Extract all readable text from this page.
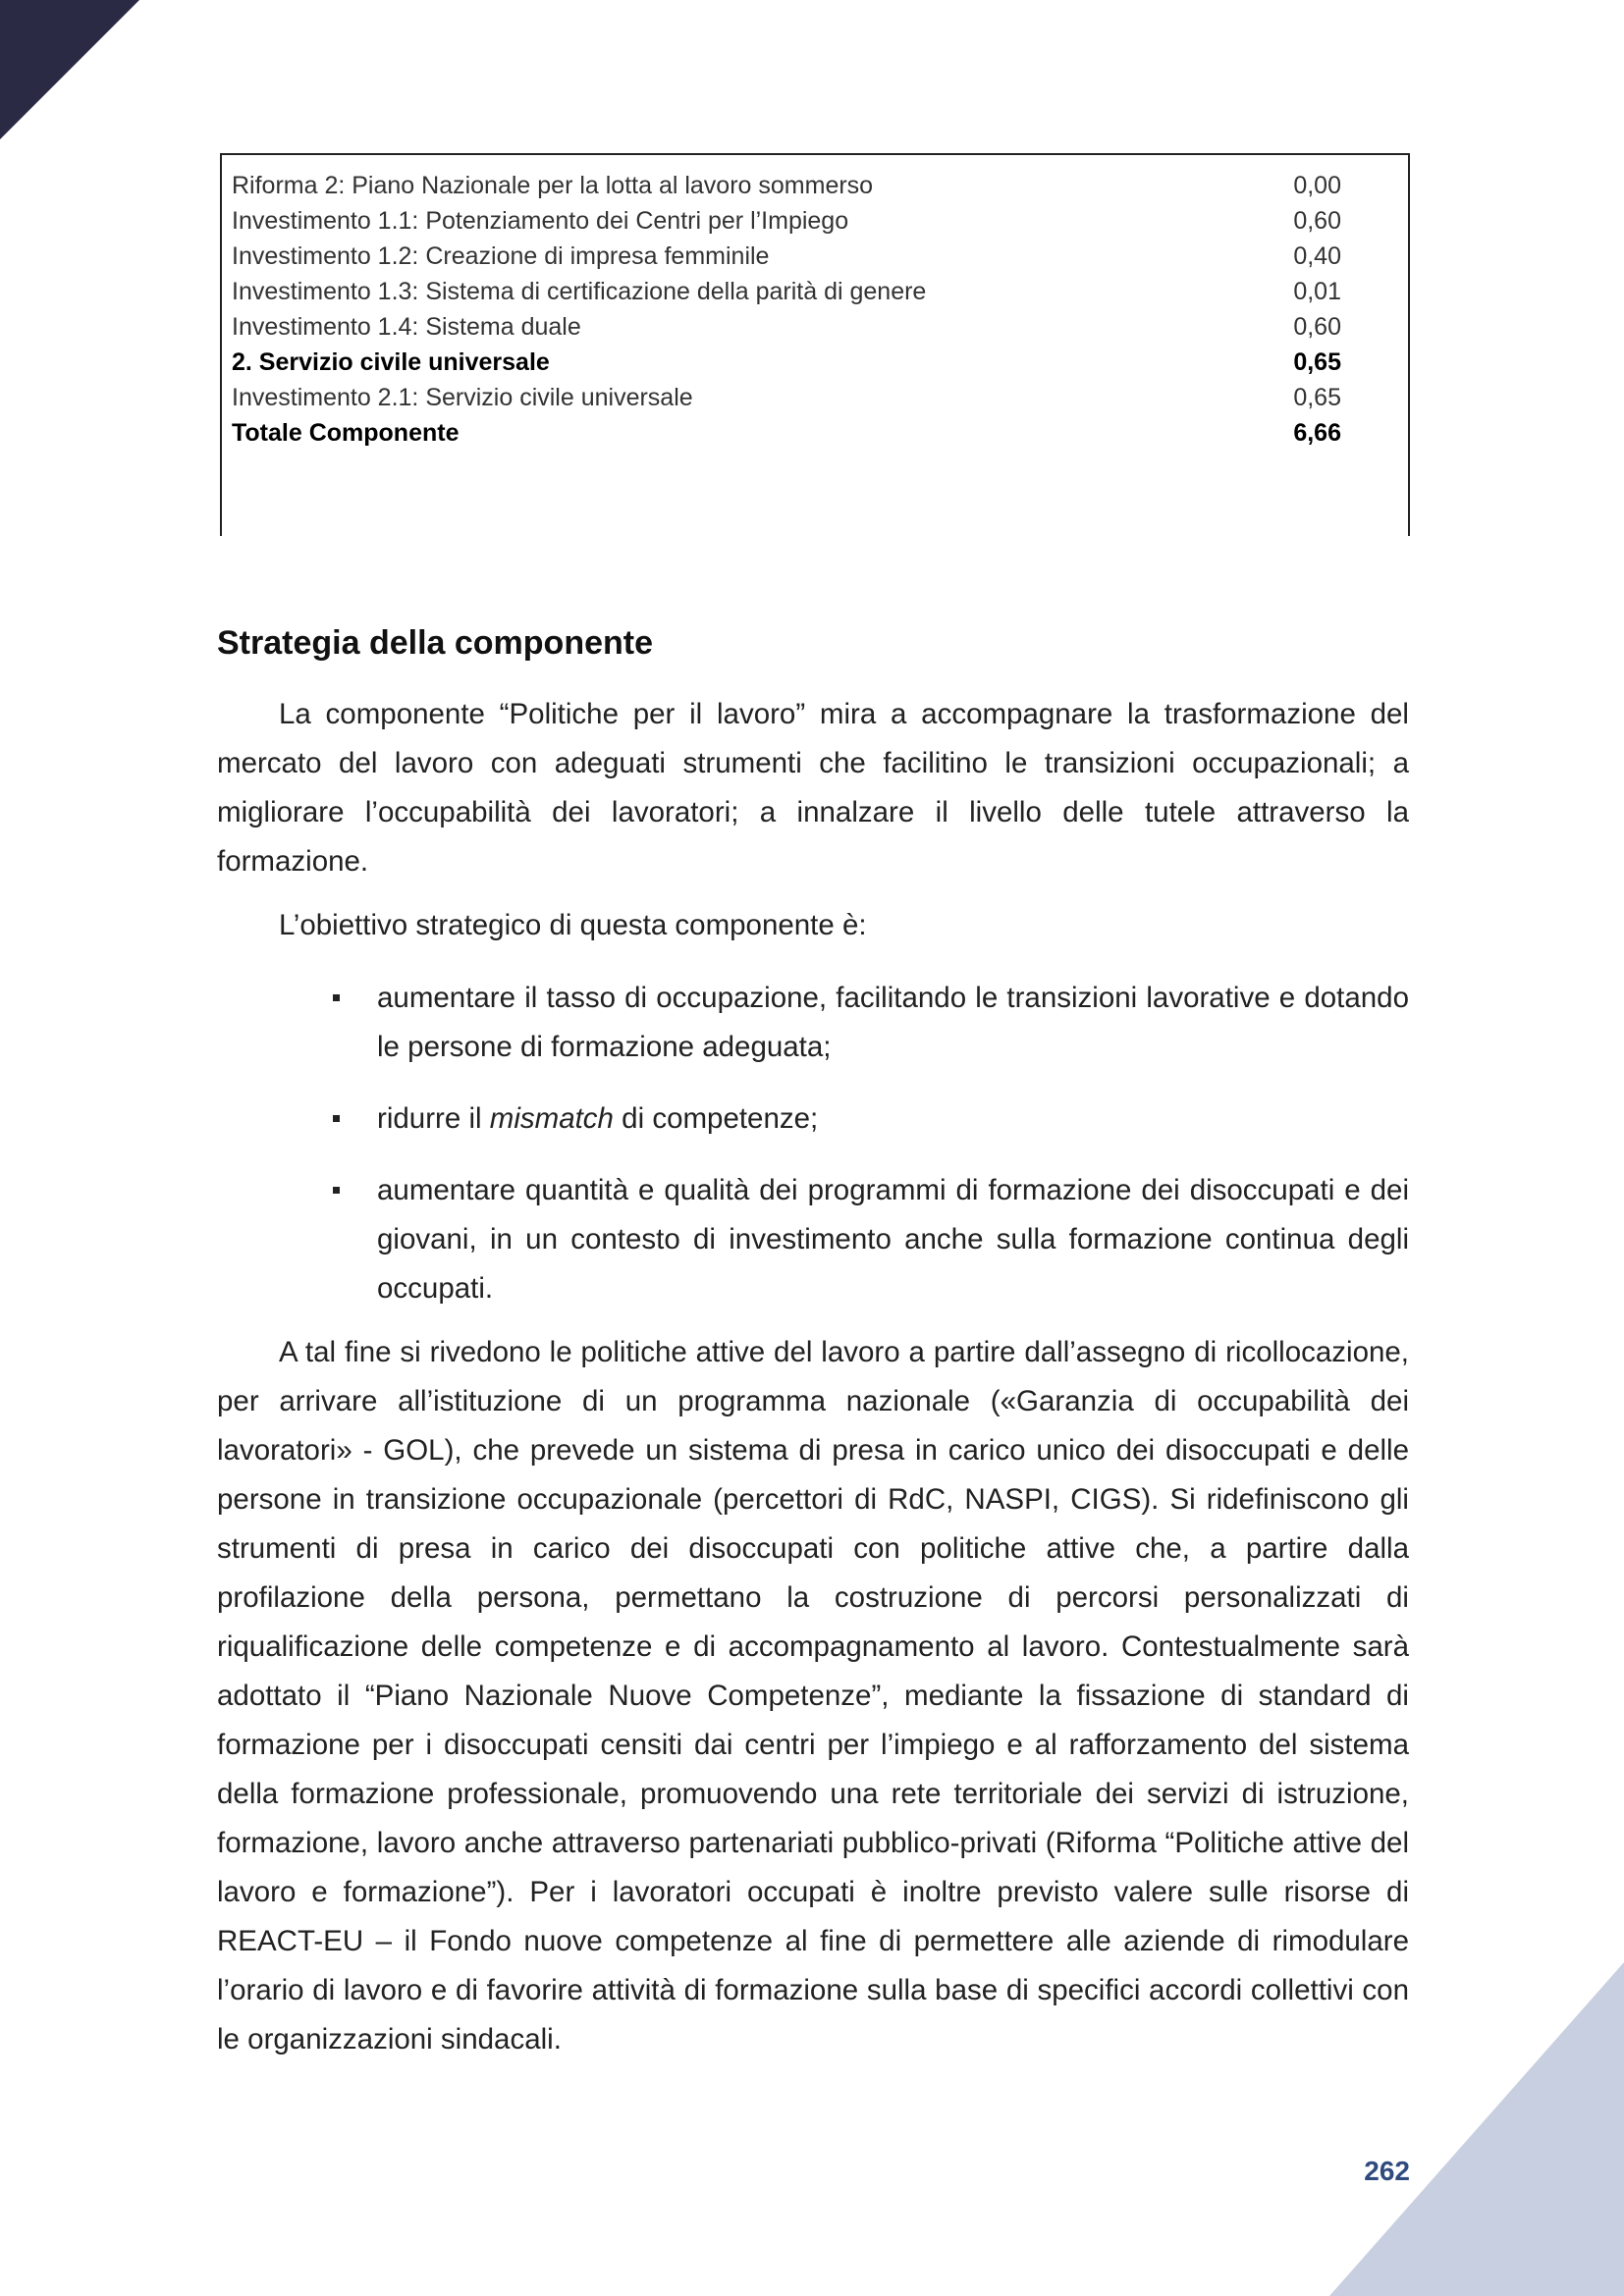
Riforma 2: Piano Nazionale per la lotta al lavoro sommerso	0,00
Investimento 1.1: Potenziamento dei Centri per l’Impiego	0,60
Investimento 1.2: Creazione di impresa femminile	0,40
Investimento 1.3: Sistema di certificazione della parità di genere	0,01
Investimento 1.4: Sistema duale	0,60
2. Servizio civile universale	0,65
Investimento 2.1: Servizio civile universale	0,65
Totale Componente	6,66
Strategia della componente

La componente “Politiche per il lavoro” mira a accompagnare la trasformazione del mercato del lavoro con adeguati strumenti che facilitino le transizioni occupazionali; a migliorare l’occupabilità dei lavoratori; a innalzare il livello delle tutele attraverso la formazione.

L’obiettivo strategico di questa componente è:

aumentare il tasso di occupazione, facilitando le transizioni lavorative e dotando le persone di formazione adeguata;
ridurre il mismatch di competenze;
aumentare quantità e qualità dei programmi di formazione dei disoccupati e dei giovani, in un contesto di investimento anche sulla formazione continua degli occupati.

A tal fine si rivedono le politiche attive del lavoro a partire dall’assegno di ricollocazione, per arrivare all’istituzione di un programma nazionale («Garanzia di occupabilità dei lavoratori» - GOL), che prevede un sistema di presa in carico unico dei disoccupati e delle persone in transizione occupazionale (percettori di RdC, NASPI, CIGS). Si ridefiniscono gli strumenti di presa in carico dei disoccupati con politiche attive che, a partire dalla profilazione della persona, permettano la costruzione di percorsi personalizzati di riqualificazione delle competenze e di accompagnamento al lavoro. Contestualmente sarà adottato il “Piano Nazionale Nuove Competenze”, mediante la fissazione di standard di formazione per i disoccupati censiti dai centri per l’impiego e al rafforzamento del sistema della formazione professionale, promuovendo una rete territoriale dei servizi di istruzione, formazione, lavoro anche attraverso partenariati pubblico-privati (Riforma “Politiche attive del lavoro e formazione”). Per i lavoratori occupati è inoltre previsto valere sulle risorse di REACT-EU – il Fondo nuove competenze al fine di permettere alle aziende di rimodulare l’orario di lavoro e di favorire attività di formazione sulla base di specifici accordi collettivi con le organizzazioni sindacali.

262
